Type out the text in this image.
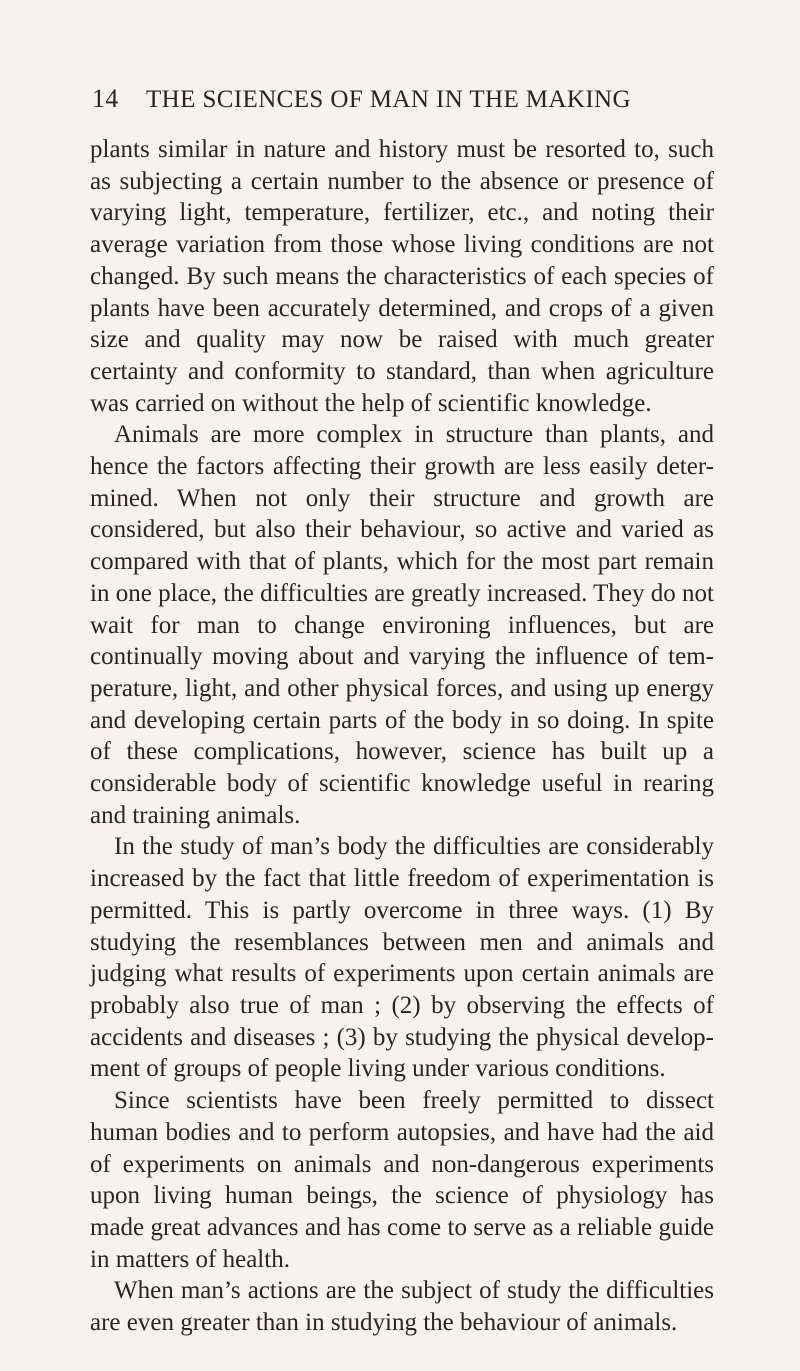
14	THE SCIENCES OF MAN IN THE MAKING

plants similar in nature and history must be resorted to, such as subjecting a certain number to the absence or presence of varying light, temperature, fertilizer, etc., and noting their average variation from those whose living conditions are not changed. By such means the characteristics of each species of plants have been accurately determined, and crops of a given size and quality may now be raised with much greater certainty and conformity to standard, than when agriculture was carried on without the help of scientific knowledge.

Animals are more complex in structure than plants, and hence the factors affecting their growth are less easily deter- mined. When not only their structure and growth are considered, but also their behaviour, so active and varied as compared with that of plants, which for the most part remain in one place, the difficulties are greatly increased. They do not wait for man to change environing influences, but are continually moving about and varying the influence of tem- perature, light, and other physical forces, and using up energy and developing certain parts of the body in so doing. In spite of these complications, however, science has built up a considerable body of scientific knowledge useful in rearing and training animals.

In the study of man’s body the difficulties are considerably increased by the fact that little freedom of experimentation is permitted. This is partly overcome in three ways. (1) By studying the resemblances between men and animals and judging what results of experiments upon certain animals are probably also true of man ; (2) by observing the effects of accidents and diseases ; (3) by studying the physical develop- ment of groups of people living under various conditions.

Since scientists have been freely permitted to dissect human bodies and to perform autopsies, and have had the aid of experiments on animals and non-dangerous experiments upon living human beings, the science of physiology has made great advances and has come to serve as a reliable guide in matters of health.

When man’s actions are the subject of study the difficulties are even greater than in studying the behaviour of animals.
